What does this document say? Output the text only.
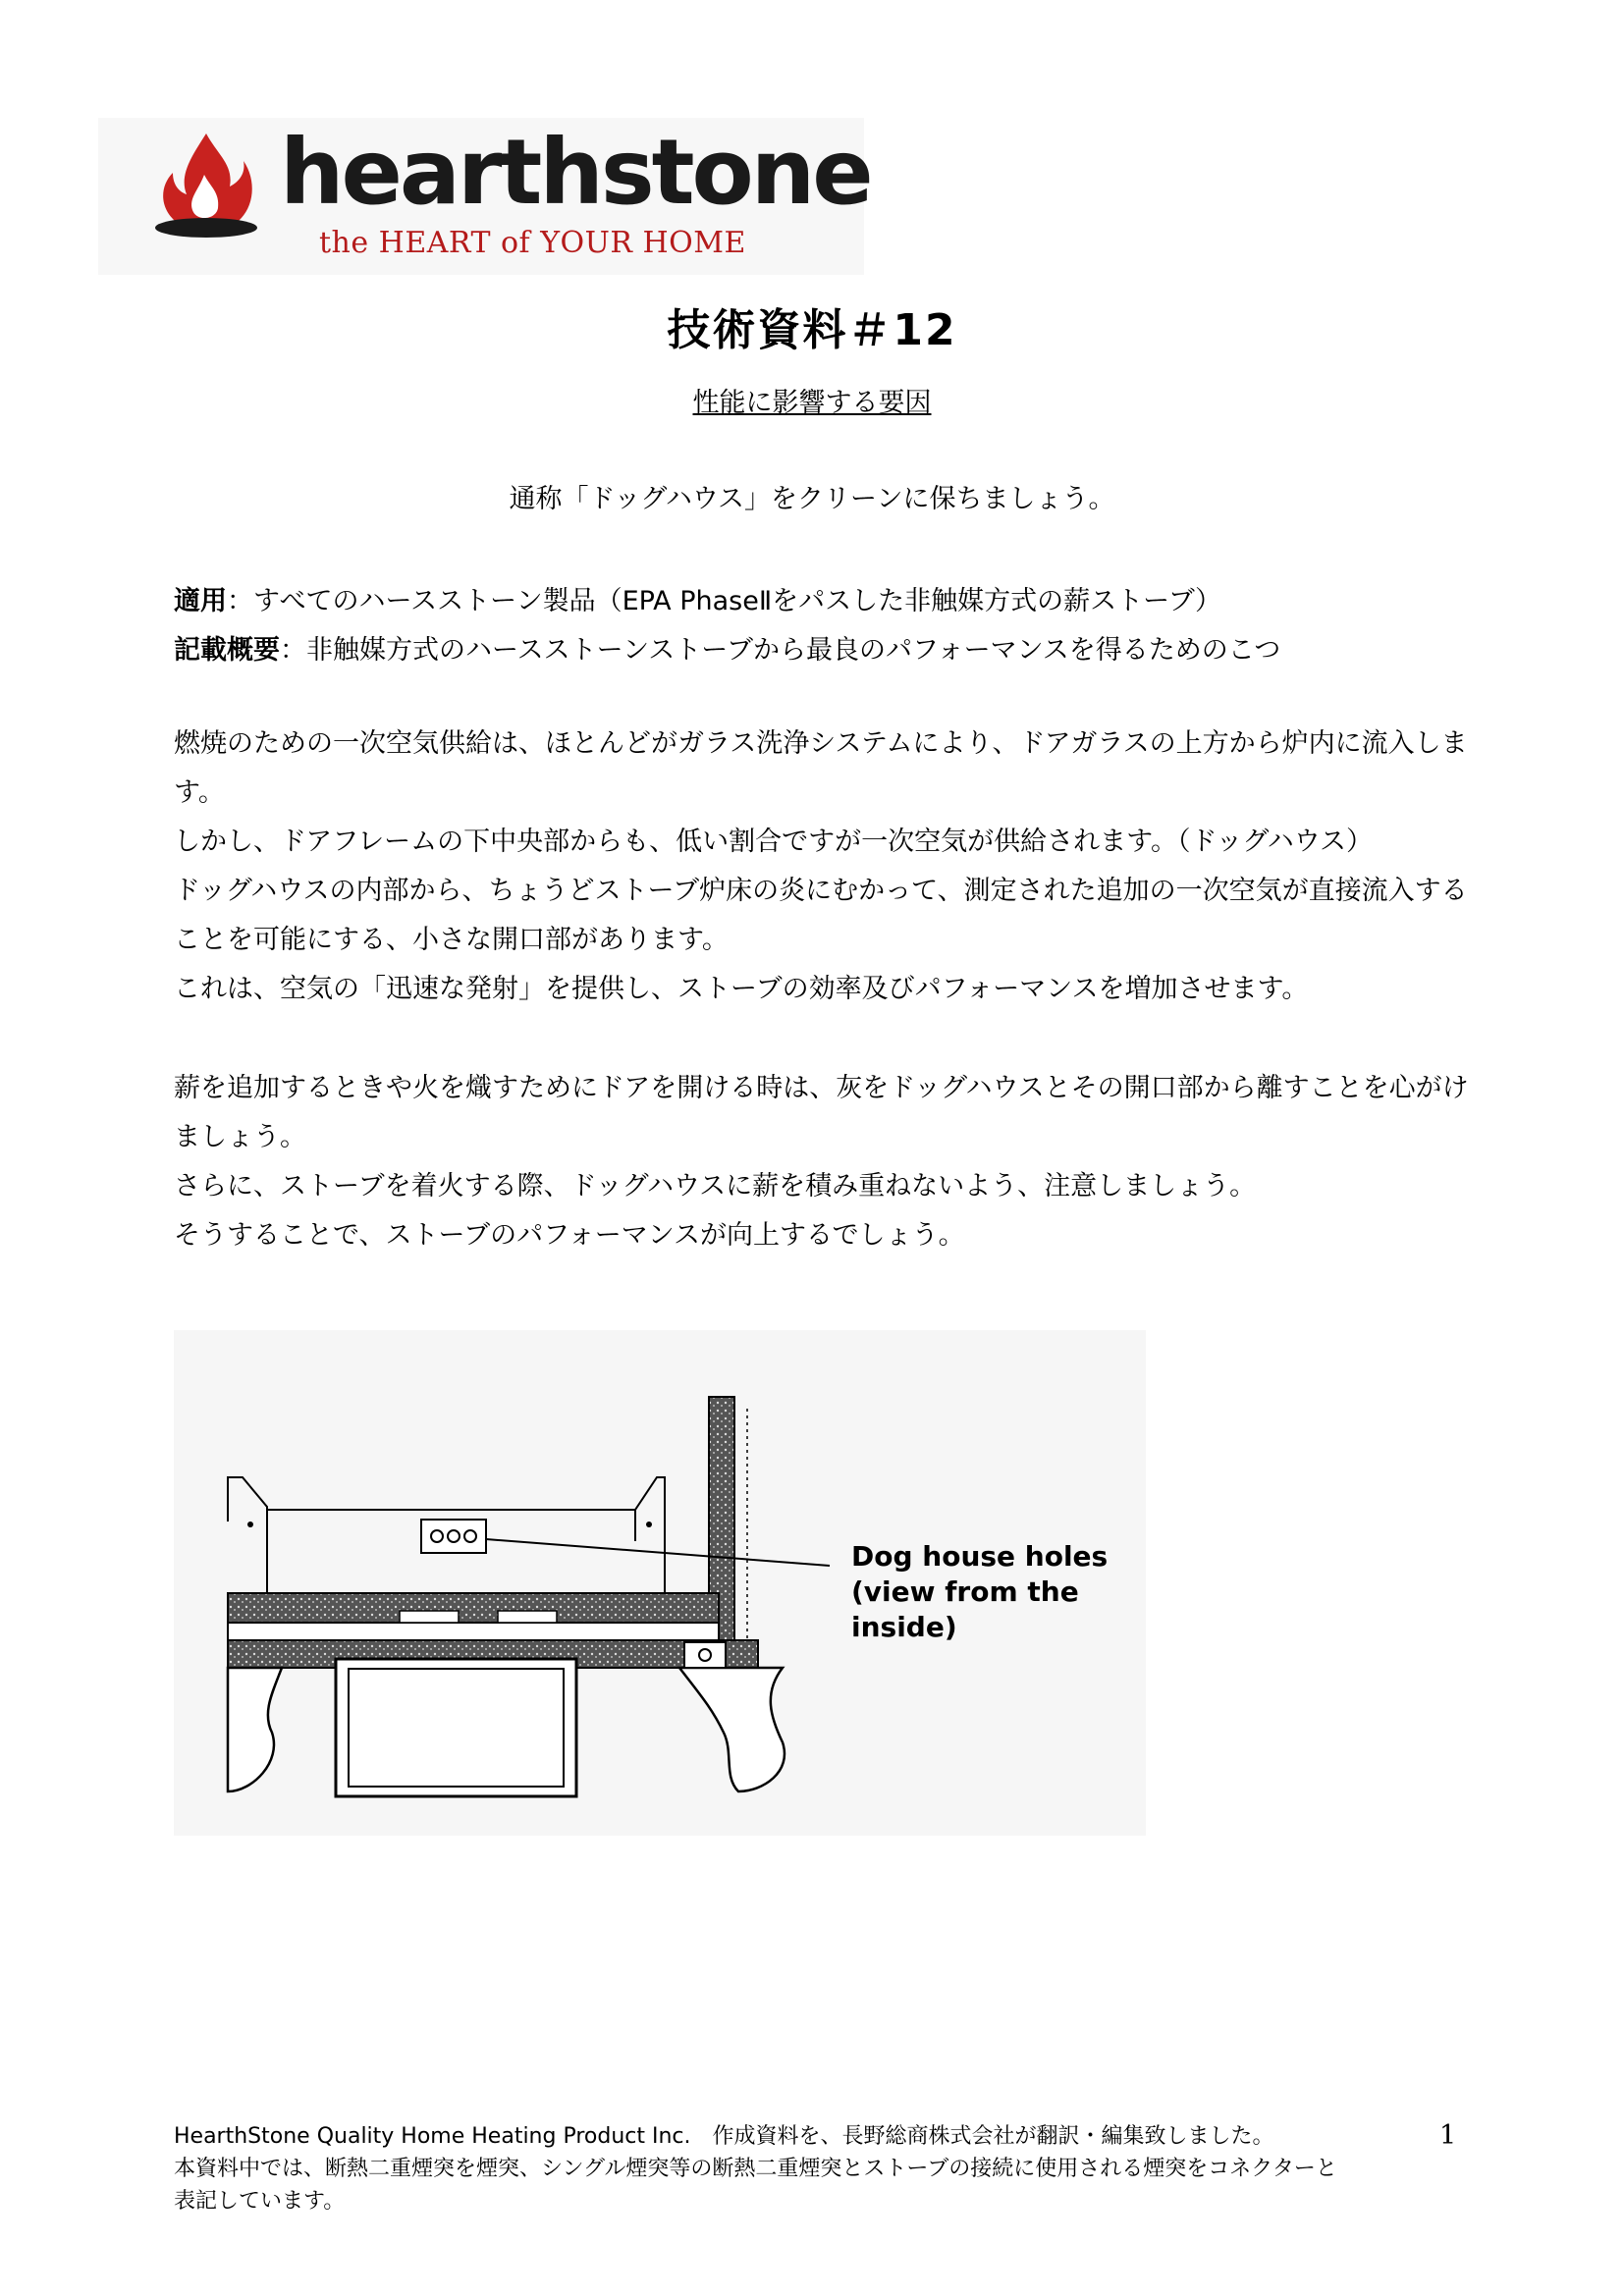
hearthstone
the HEART of YOUR HOME
技術資料＃12
性能に影響する要因
通称「ドッグハウス」をクリーンに保ちましょう。
適用：すべてのハースストーン製品（EPA PhaseⅡをパスした非触媒方式の薪ストーブ）
記載概要：非触媒方式のハースストーンストーブから最良のパフォーマンスを得るためのこつ
燃焼のための一次空気供給は、ほとんどがガラス洗浄システムにより、ドアガラスの上方から炉内に流入します。
しかし、ドアフレームの下中央部からも、低い割合ですが一次空気が供給されます。（ドッグハウス）
ドッグハウスの内部から、ちょうどストーブ炉床の炎にむかって、測定された追加の一次空気が直接流入することを可能にする、小さな開口部があります。
これは、空気の「迅速な発射」を提供し、ストーブの効率及びパフォーマンスを増加させます。
薪を追加するときや火を熾すためにドアを開ける時は、灰をドッグハウスとその開口部から離すことを心がけましょう。
さらに、ストーブを着火する際、ドッグハウスに薪を積み重ねないよう、注意しましょう。
そうすることで、ストーブのパフォーマンスが向上するでしょう。
Dog house holes
(view from the
inside)
HearthStone Quality Home Heating Product Inc.　作成資料を、長野総商株式会社が翻訳・編集致しました。
本資料中では、断熱二重煙突を煙突、シングル煙突等の断熱二重煙突とストーブの接続に使用される煙突をコネクターと
表記しています。
1
